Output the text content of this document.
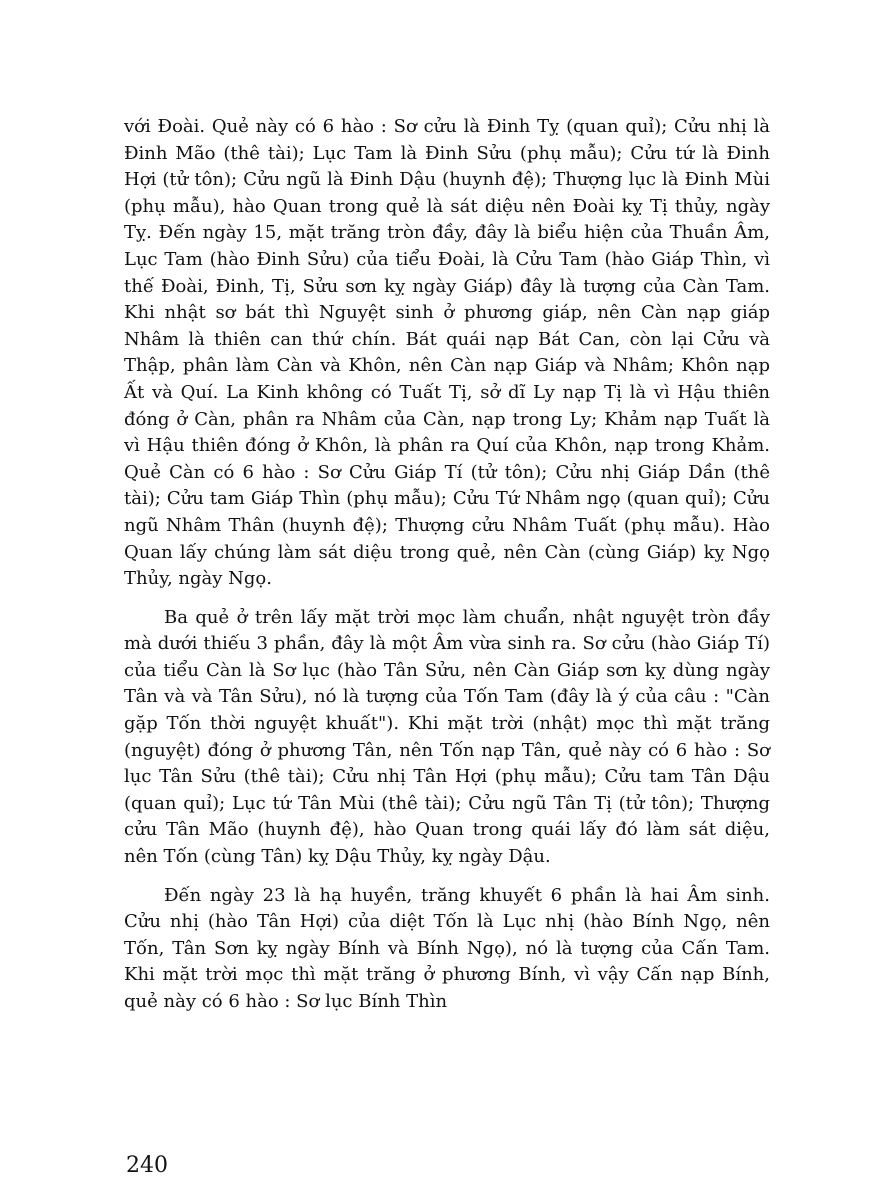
với Đoài. Quẻ này có 6 hào : Sơ cửu là Đinh Tỵ (quan quỉ); Cửu nhị là Đinh Mão (thê tài); Lục Tam là Đinh Sửu (phụ mẫu); Cửu tứ là Đinh Hợi (tử tôn); Cửu ngũ là Đinh Dậu (huynh đệ); Thượng lục là Đinh Mùi (phụ mẫu), hào Quan trong quẻ là sát diệu nên Đoài kỵ Tị thủy, ngày Tỵ. Đến ngày 15, mặt trăng tròn đầy, đây là biểu hiện của Thuần Âm, Lục Tam (hào Đinh Sửu) của tiểu Đoài, là Cửu Tam (hào Giáp Thìn, vì thế Đoài, Đinh, Tị, Sửu sơn kỵ ngày Giáp) đây là tượng của Càn Tam. Khi nhật sơ bát thì Nguyệt sinh ở phương giáp, nên Càn nạp giáp Nhâm là thiên can thứ chín. Bát quái nạp Bát Can, còn lại Cửu và Thập, phân làm Càn và Khôn, nên Càn nạp Giáp và Nhâm; Khôn nạp Ất và Quí. La Kinh không có Tuất Tị, sở dĩ Ly nạp Tị là vì Hậu thiên đóng ở Càn, phân ra Nhâm của Càn, nạp trong Ly; Khảm nạp Tuất là vì Hậu thiên đóng ở Khôn, là phân ra Quí của Khôn, nạp trong Khảm. Quẻ Càn có 6 hào : Sơ Cửu Giáp Tí (tử tôn); Cửu nhị Giáp Dần (thê tài); Cửu tam Giáp Thìn (phụ mẫu); Cửu Tứ Nhâm ngọ (quan quỉ); Cửu ngũ Nhâm Thân (huynh đệ); Thượng cửu Nhâm Tuất (phụ mẫu). Hào Quan lấy chúng làm sát diệu trong quẻ, nên Càn (cùng Giáp) kỵ Ngọ Thủy, ngày Ngọ.

Ba quẻ ở trên lấy mặt trời mọc làm chuẩn, nhật nguyệt tròn đầy mà dưới thiếu 3 phần, đây là một Âm vừa sinh ra. Sơ cửu (hào Giáp Tí) của tiểu Càn là Sơ lục (hào Tân Sửu, nên Càn Giáp sơn kỵ dùng ngày Tân và và Tân Sửu), nó là tượng của Tốn Tam (đây là ý của câu : "Càn gặp Tốn thời nguyệt khuất"). Khi mặt trời (nhật) mọc thì mặt trăng (nguyệt) đóng ở phương Tân, nên Tốn nạp Tân, quẻ này có 6 hào : Sơ lục Tân Sửu (thê tài); Cửu nhị Tân Hợi (phụ mẫu); Cửu tam Tân Dậu (quan quỉ); Lục tứ Tân Mùi (thê tài); Cửu ngũ Tân Tị (tử tôn); Thượng cửu Tân Mão (huynh đệ), hào Quan trong quái lấy đó làm sát diệu, nên Tốn (cùng Tân) kỵ Dậu Thủy, kỵ ngày Dậu.

Đến ngày 23 là hạ huyền, trăng khuyết 6 phần là hai Âm sinh. Cửu nhị (hào Tân Hợi) của diệt Tốn là Lục nhị (hào Bính Ngọ, nên Tốn, Tân Sơn kỵ ngày Bính và Bính Ngọ), nó là tượng của Cấn Tam. Khi mặt trời mọc thì mặt trăng ở phương Bính, vì vậy Cấn nạp Bính, quẻ này có 6 hào : Sơ lục Bính Thìn

240
